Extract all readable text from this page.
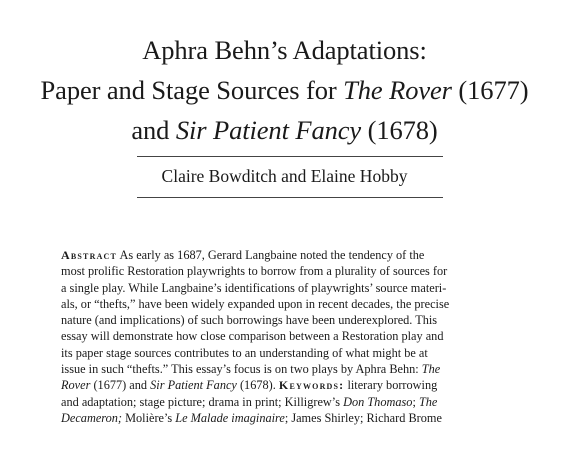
Aphra Behn’s Adaptations:
Paper and Stage Sources for The Rover (1677)
and Sir Patient Fancy (1678)
Claire Bowditch and Elaine Hobby
Abstract As early as 1687, Gerard Langbaine noted the tendency of the
most prolific Restoration playwrights to borrow from a plurality of sources for
a single play. While Langbaine’s identifications of playwrights’ source materi-
als, or “thefts,” have been widely expanded upon in recent decades, the precise
nature (and implications) of such borrowings have been underexplored. This
essay will demonstrate how close comparison between a Restoration play and
its paper stage sources contributes to an understanding of what might be at
issue in such “thefts.” This essay’s focus is on two plays by Aphra Behn: The
Rover (1677) and Sir Patient Fancy (1678). Keywords: literary borrowing
and adaptation; stage picture; drama in print; Killigrew’s Don Thomaso; The
Decameron; Molière’s Le Malade imaginaire; James Shirley; Richard Brome
